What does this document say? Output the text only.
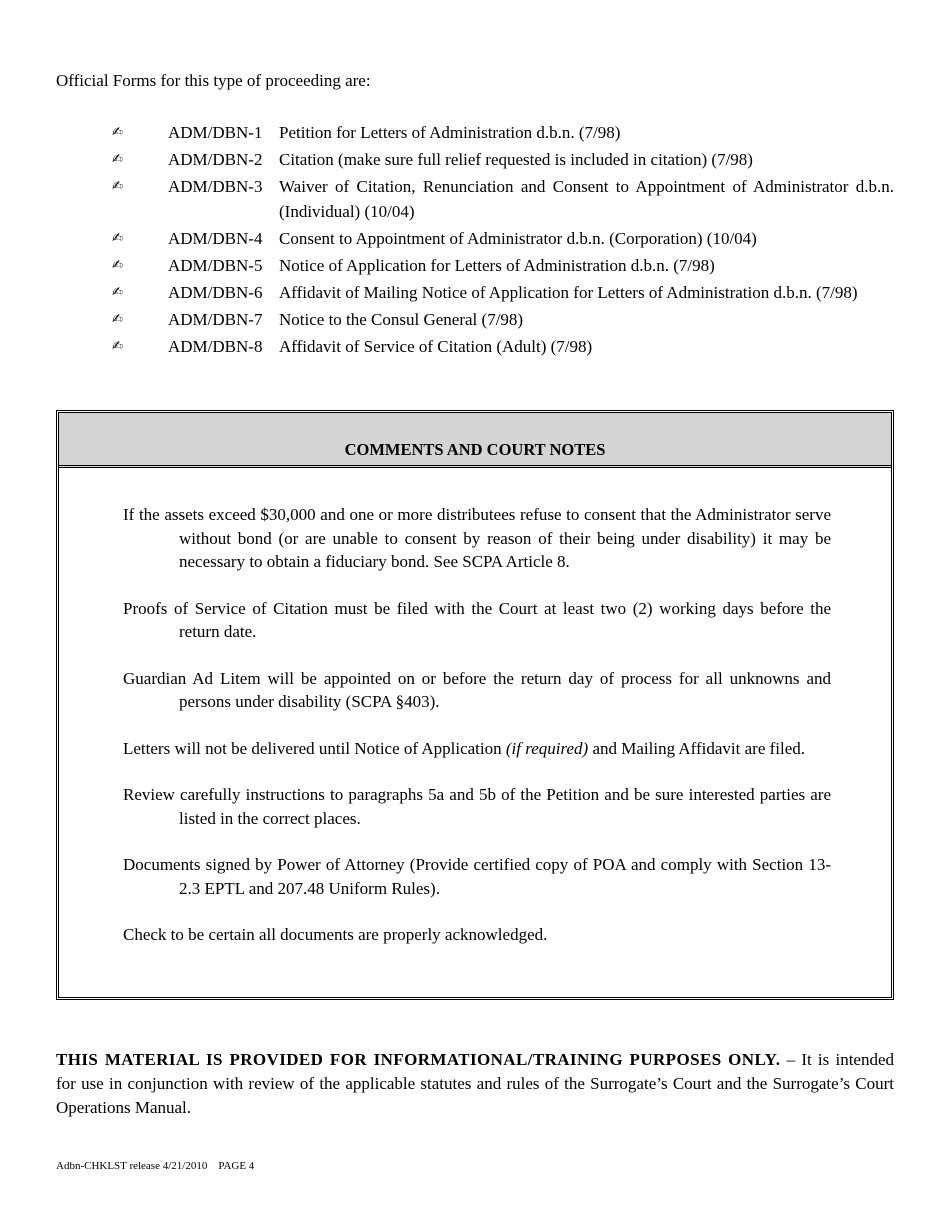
Official Forms for this type of proceeding are:
✍	ADM/DBN-1 Petition for Letters of Administration d.b.n. (7/98)
✍	ADM/DBN-2 Citation (make sure full relief requested is included in citation) (7/98)
✍	ADM/DBN-3 Waiver of Citation, Renunciation and Consent to Appointment of Administrator d.b.n. (Individual) (10/04)
✍	ADM/DBN-4 Consent to Appointment of Administrator d.b.n. (Corporation) (10/04)
✍	ADM/DBN-5 Notice of Application for Letters of Administration d.b.n. (7/98)
✍	ADM/DBN-6 Affidavit of Mailing Notice of Application for Letters of Administration d.b.n. (7/98)
✍	ADM/DBN-7 Notice to the Consul General (7/98)
✍	ADM/DBN-8 Affidavit of Service of Citation (Adult) (7/98)
COMMENTS AND COURT NOTES
If the assets exceed $30,000 and one or more distributees refuse to consent that the Administrator serve without bond (or are unable to consent by reason of their being under disability) it may be necessary to obtain a fiduciary bond. See SCPA Article 8.
Proofs of Service of Citation must be filed with the Court at least two (2) working days before the return date.
Guardian Ad Litem will be appointed on or before the return day of process for all unknowns and persons under disability (SCPA §403).
Letters will not be delivered until Notice of Application (if required) and Mailing Affidavit are filed.
Review carefully instructions to paragraphs 5a and 5b of the Petition and be sure interested parties are listed in the correct places.
Documents signed by Power of Attorney (Provide certified copy of POA and comply with Section 13-2.3 EPTL and 207.48 Uniform Rules).
Check to be certain all documents are properly acknowledged.
THIS MATERIAL IS PROVIDED FOR INFORMATIONAL/TRAINING PURPOSES ONLY. – It is intended for use in conjunction with review of the applicable statutes and rules of the Surrogate’s Court and the Surrogate’s Court Operations Manual.
Adbn-CHKLST release 4/21/2010    PAGE 4
